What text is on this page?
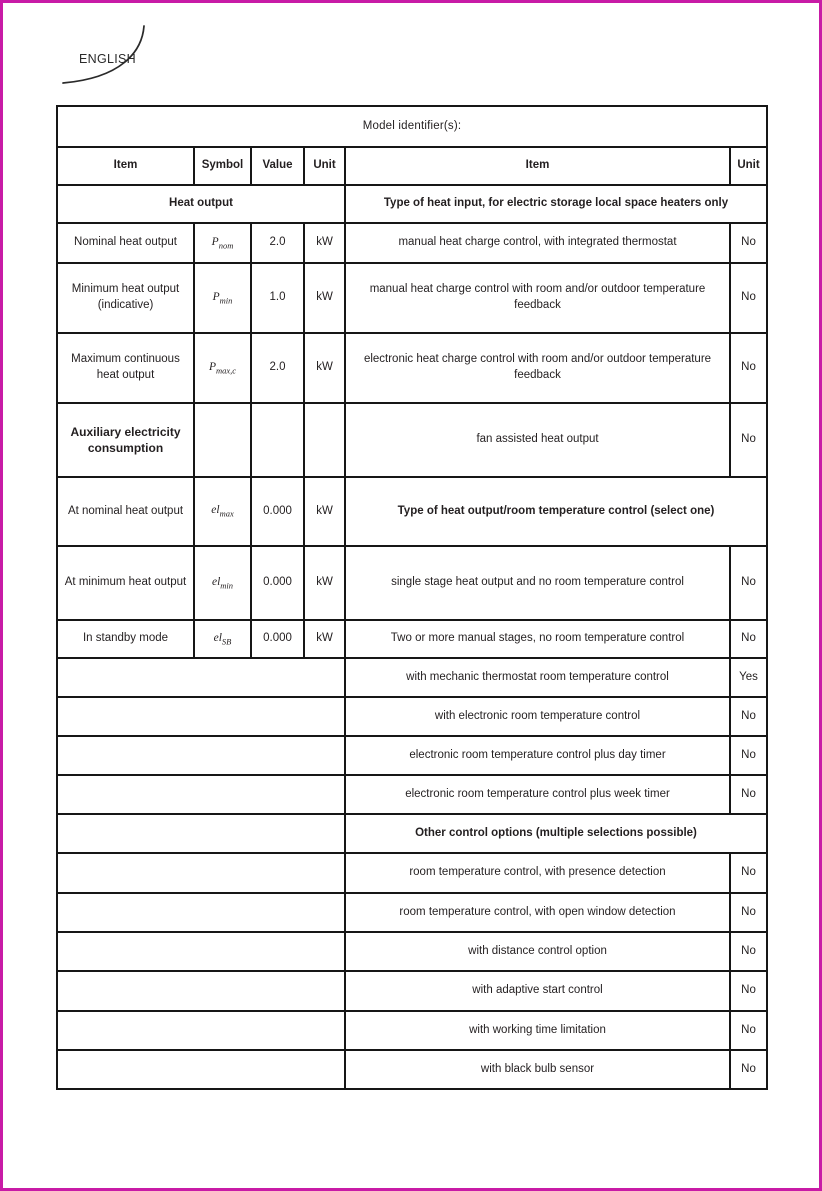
ENGLISH
Model identifier(s):					
Item	Symbol	Value	Unit	Item	Unit
Heat output				Type of heat input, for electric storage local space heaters only	
Nominal heat output	$P_{nom}$	2.0	kW	manual heat charge control, with integrated thermostat	No
Minimum heat output (indicative)	$P_{min}$	1.0	kW	manual heat charge control with room and/or outdoor temperature feedback	No
Maximum continuous heat output	$P_{max,c}$	2.0	kW	electronic heat charge control with room and/or outdoor temperature feedback	No
Auxiliary electricity consumption				fan assisted heat output	No
At nominal heat output	$el_{max}$	0.000	kW	Type of heat output/room temperature control (select one)	
At minimum heat output	$el_{min}$	0.000	kW	single stage heat output and no room temperature control	No
In standby mode	$el_{SB}$	0.000	kW	Two or more manual stages, no room temperature control	No
				with mechanic thermostat room temperature control	Yes
				with electronic room temperature control	No
				electronic room temperature control plus day timer	No
				electronic room temperature control plus week timer	No
				Other control options (multiple selections possible)	
				room temperature control, with presence detection	No
				room temperature control, with open window detection	No
				with distance control option	No
				with adaptive start control	No
				with working time limitation	No
				with black bulb sensor	No
